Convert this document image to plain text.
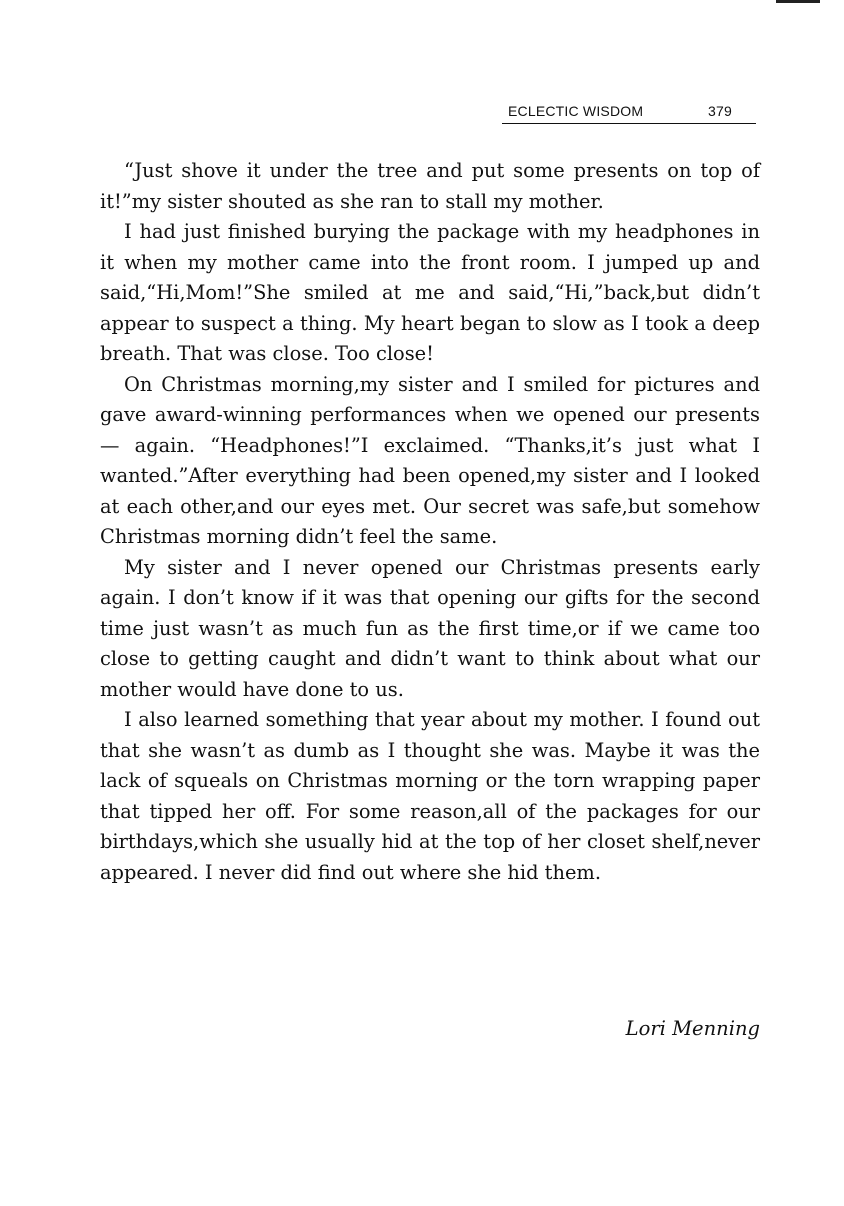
ECLECTIC WISDOM	379

“Just shove it under the tree and put some presents on top of it!”my sister shouted as she ran to stall my mother.

I had just finished burying the package with my headphones in it when my mother came into the front room. I jumped up and said,“Hi,Mom!”She smiled at me and said,“Hi,”back,but didn’t appear to suspect a thing. My heart began to slow as I took a deep breath. That was close. Too close!

On Christmas morning,my sister and I smiled for pictures and gave award-winning performances when we opened our presents — again. “Headphones!”I exclaimed. “Thanks,it’s just what I wanted.”After everything had been opened,my sister and I looked at each other,and our eyes met. Our secret was safe,but somehow Christmas morning didn’t feel the same.

My sister and I never opened our Christmas presents early again. I don’t know if it was that opening our gifts for the second time just wasn’t as much fun as the first time,or if we came too close to getting caught and didn’t want to think about what our mother would have done to us.

I also learned something that year about my mother. I found out that she wasn’t as dumb as I thought she was. Maybe it was the lack of squeals on Christmas morning or the torn wrapping paper that tipped her off. For some reason,all of the packages for our birthdays,which she usually hid at the top of her closet shelf,never appeared. I never did find out where she hid them.

Lori Menning
